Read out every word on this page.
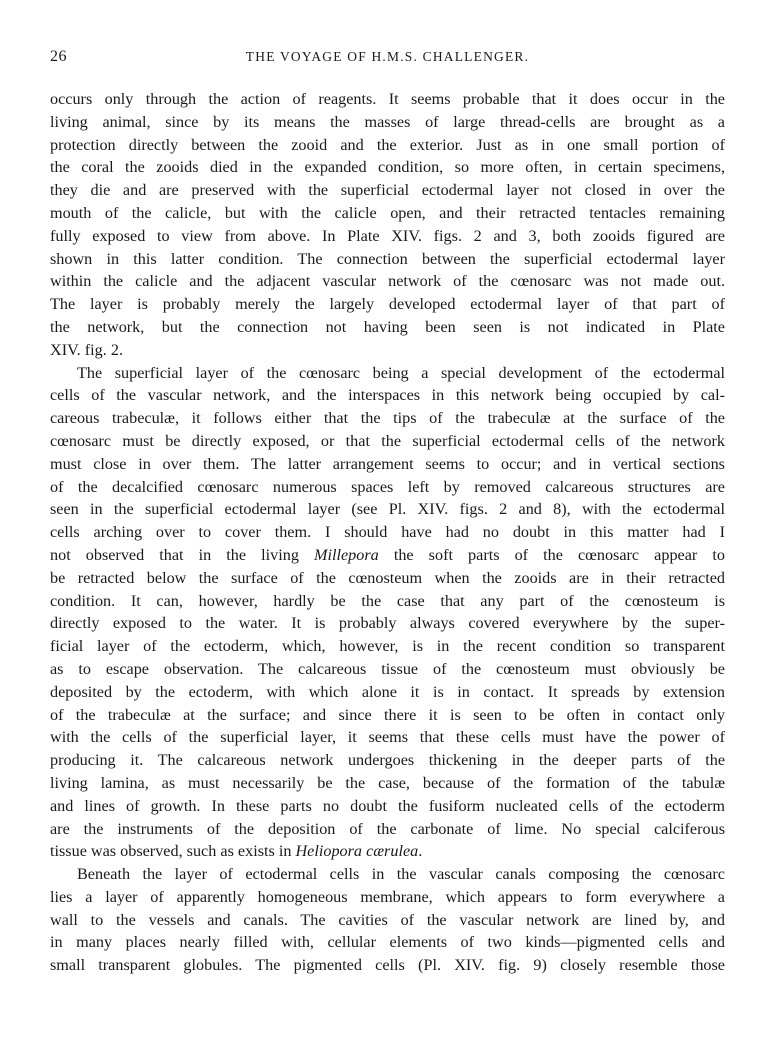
26	THE VOYAGE OF H.M.S. CHALLENGER.
occurs only through the action of reagents. It seems probable that it does occur in the
living animal, since by its means the masses of large thread-cells are brought as a
protection directly between the zooid and the exterior. Just as in one small portion of
the coral the zooids died in the expanded condition, so more often, in certain specimens,
they die and are preserved with the superficial ectodermal layer not closed in over the
mouth of the calicle, but with the calicle open, and their retracted tentacles remaining
fully exposed to view from above. In Plate XIV. figs. 2 and 3, both zooids figured are
shown in this latter condition. The connection between the superficial ectodermal layer
within the calicle and the adjacent vascular network of the cœnosarc was not made out.
The layer is probably merely the largely developed ectodermal layer of that part of
the network, but the connection not having been seen is not indicated in Plate
XIV. fig. 2.
The superficial layer of the cœnosarc being a special development of the ectodermal
cells of the vascular network, and the interspaces in this network being occupied by cal-
careous trabeculæ, it follows either that the tips of the trabeculæ at the surface of the
cœnosarc must be directly exposed, or that the superficial ectodermal cells of the network
must close in over them. The latter arrangement seems to occur; and in vertical sections
of the decalcified cœnosarc numerous spaces left by removed calcareous structures are
seen in the superficial ectodermal layer (see Pl. XIV. figs. 2 and 8), with the ectodermal
cells arching over to cover them. I should have had no doubt in this matter had I
not observed that in the living Millepora the soft parts of the cœnosarc appear to
be retracted below the surface of the cœnosteum when the zooids are in their retracted
condition. It can, however, hardly be the case that any part of the cœnosteum is
directly exposed to the water. It is probably always covered everywhere by the super-
ficial layer of the ectoderm, which, however, is in the recent condition so transparent
as to escape observation. The calcareous tissue of the cœnosteum must obviously be
deposited by the ectoderm, with which alone it is in contact. It spreads by extension
of the trabeculæ at the surface; and since there it is seen to be often in contact only
with the cells of the superficial layer, it seems that these cells must have the power of
producing it. The calcareous network undergoes thickening in the deeper parts of the
living lamina, as must necessarily be the case, because of the formation of the tabulæ
and lines of growth. In these parts no doubt the fusiform nucleated cells of the ectoderm
are the instruments of the deposition of the carbonate of lime. No special calciferous
tissue was observed, such as exists in Heliopora cærulea.
Beneath the layer of ectodermal cells in the vascular canals composing the cœnosarc
lies a layer of apparently homogeneous membrane, which appears to form everywhere a
wall to the vessels and canals. The cavities of the vascular network are lined by, and
in many places nearly filled with, cellular elements of two kinds—pigmented cells and
small transparent globules. The pigmented cells (Pl. XIV. fig. 9) closely resemble those
